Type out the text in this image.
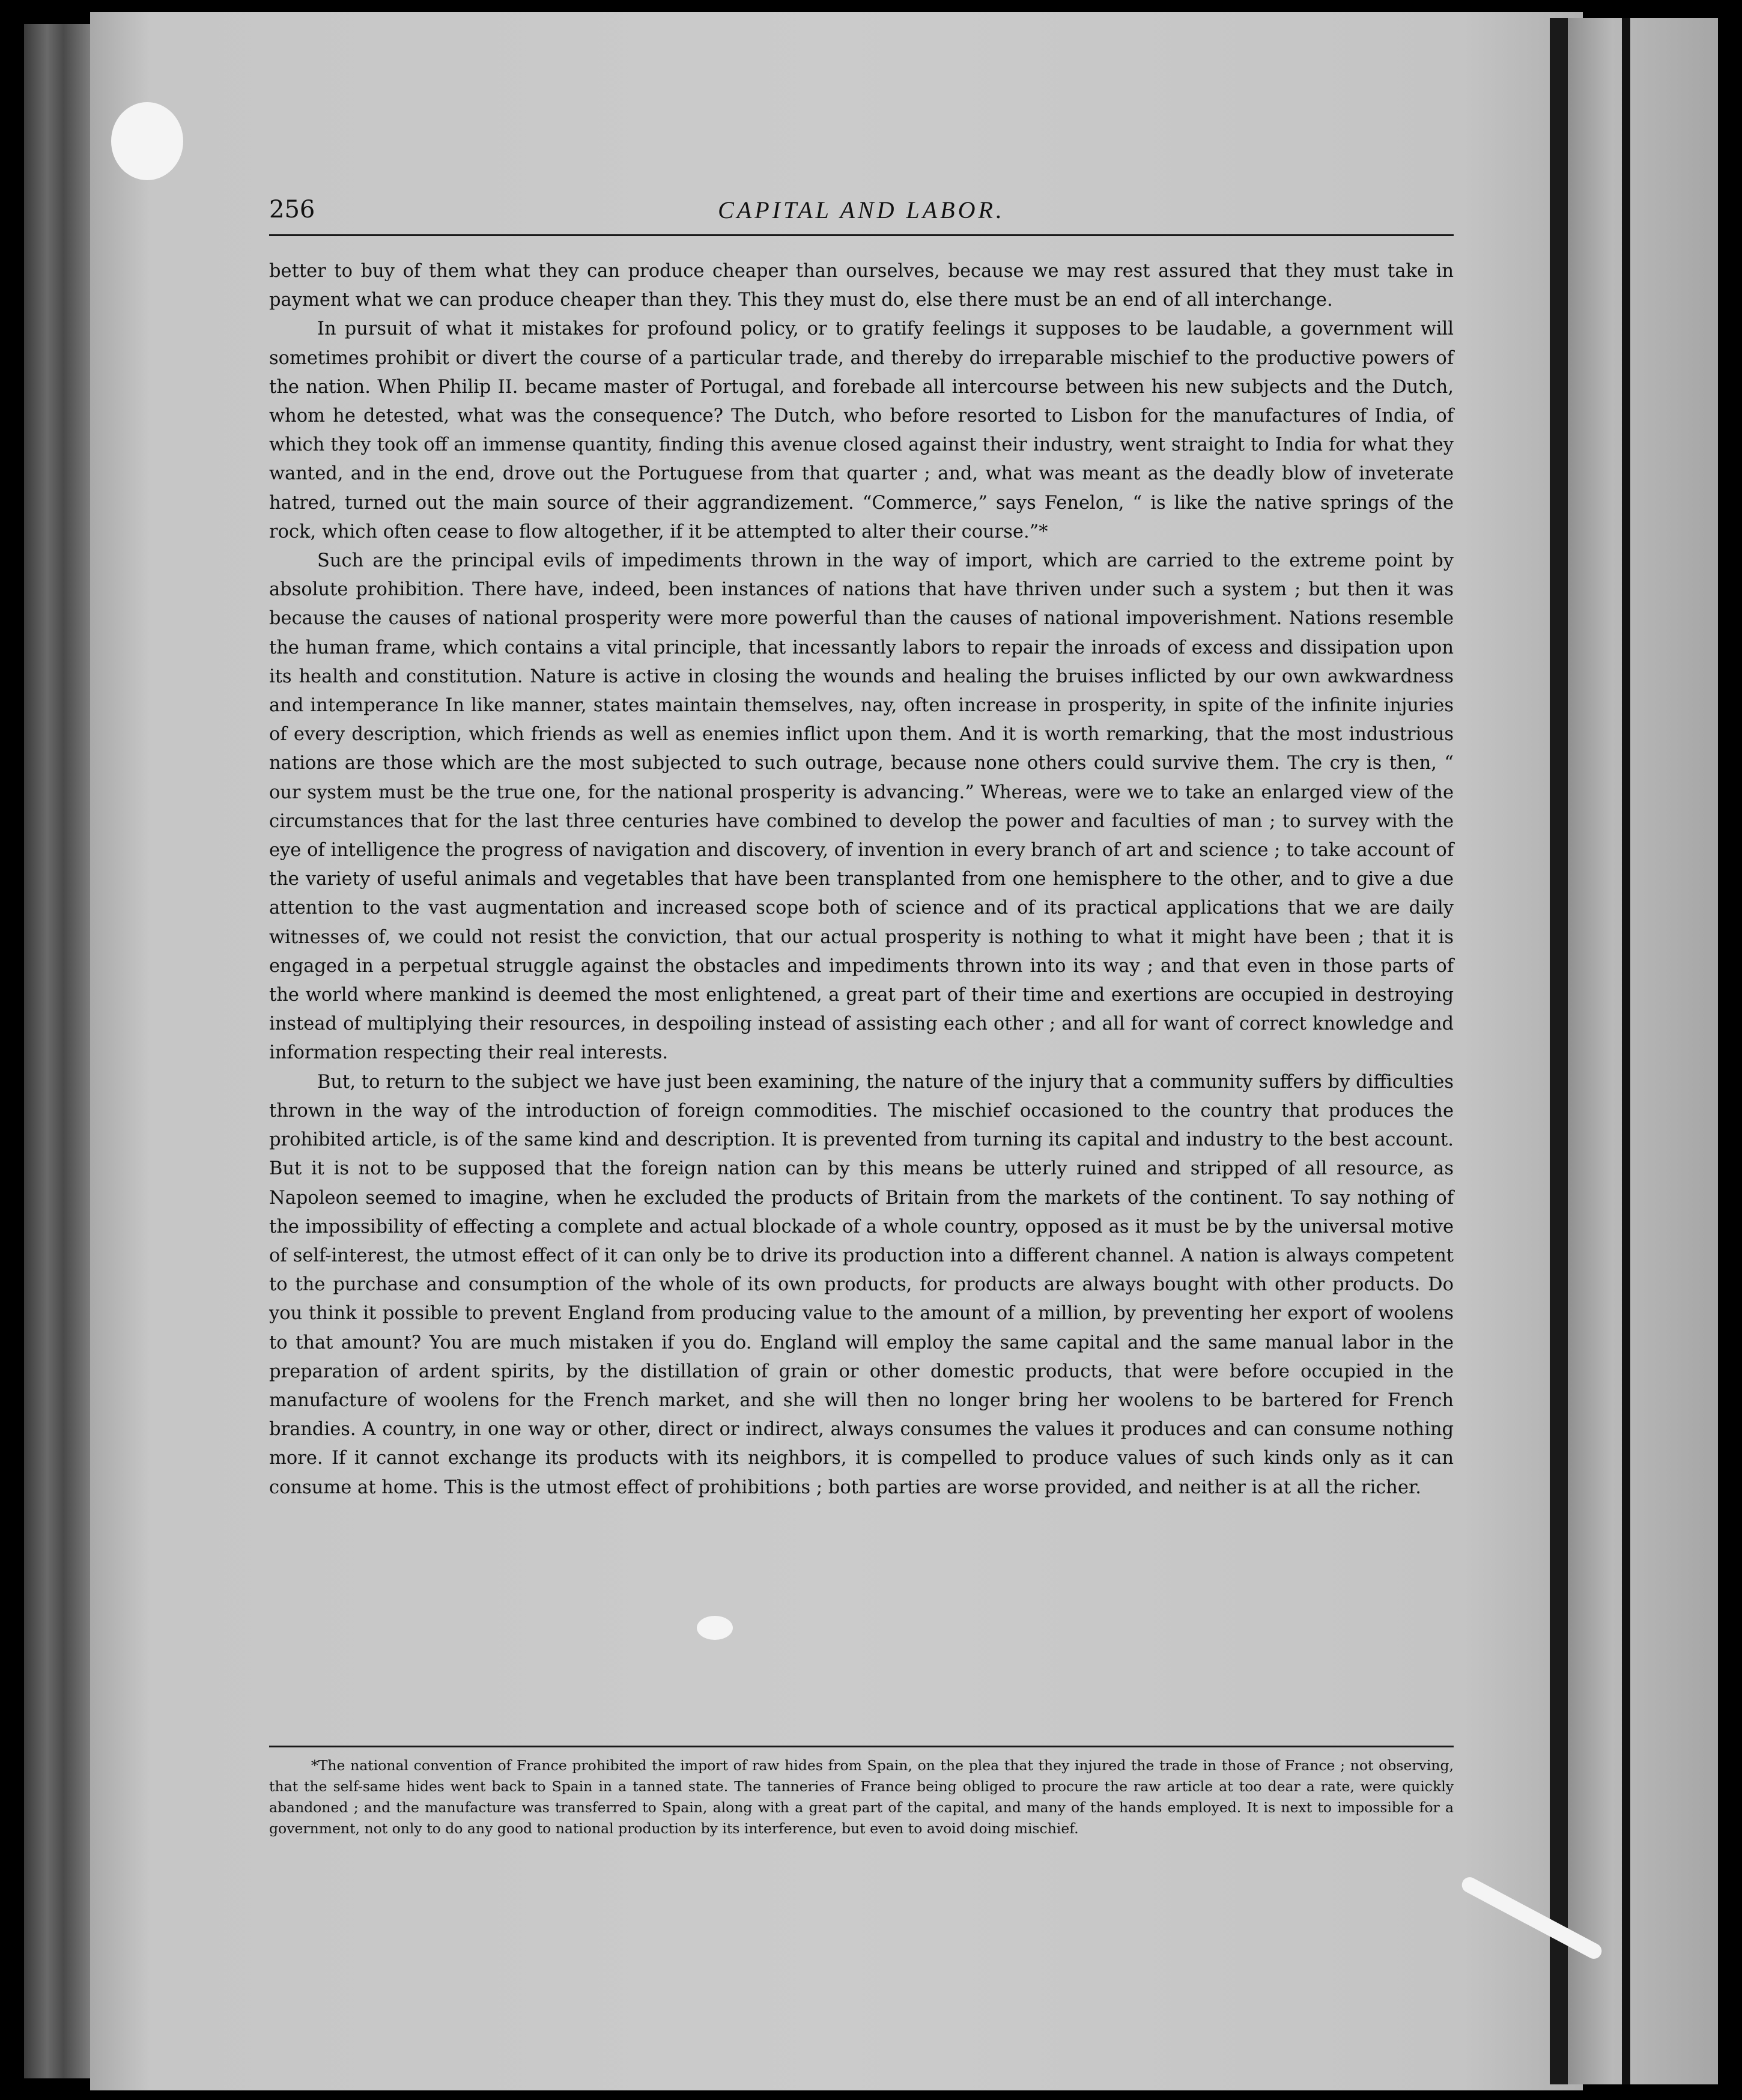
256	CAPITAL AND LABOR.

better to buy of them what they can produce cheaper than ourselves, because we may rest assured that they must take in payment what we can produce cheaper than they. This they must do, else there must be an end of all interchange.

In pursuit of what it mistakes for profound policy, or to gratify feelings it supposes to be laudable, a government will sometimes prohibit or divert the course of a particular trade, and thereby do irreparable mischief to the productive powers of the nation. When Philip II. became master of Portugal, and forebade all intercourse between his new subjects and the Dutch, whom he detested, what was the consequence? The Dutch, who before resorted to Lisbon for the manufactures of India, of which they took off an immense quantity, finding this avenue closed against their industry, went straight to India for what they wanted, and in the end, drove out the Portuguese from that quarter ; and, what was meant as the deadly blow of inveterate hatred, turned out the main source of their aggrandizement. “Commerce,” says Fenelon, “ is like the native springs of the rock, which often cease to flow altogether, if it be attempted to alter their course.”*

Such are the principal evils of impediments thrown in the way of import, which are carried to the extreme point by absolute prohibition. There have, indeed, been instances of nations that have thriven under such a system ; but then it was because the causes of national prosperity were more powerful than the causes of national impoverishment. Nations resemble the human frame, which contains a vital principle, that incessantly labors to repair the inroads of excess and dissipation upon its health and constitution. Nature is active in closing the wounds and healing the bruises inflicted by our own awkwardness and intemperance In like manner, states maintain themselves, nay, often increase in prosperity, in spite of the infinite injuries of every description, which friends as well as enemies inflict upon them. And it is worth remarking, that the most industrious nations are those which are the most subjected to such outrage, because none others could survive them. The cry is then, “ our system must be the true one, for the national prosperity is advancing.” Whereas, were we to take an enlarged view of the circumstances that for the last three centuries have combined to develop the power and faculties of man ; to survey with the eye of intelligence the progress of navigation and discovery, of invention in every branch of art and science ; to take account of the variety of useful animals and vegetables that have been transplanted from one hemisphere to the other, and to give a due attention to the vast augmentation and increased scope both of science and of its practical applications that we are daily witnesses of, we could not resist the conviction, that our actual prosperity is nothing to what it might have been ; that it is engaged in a perpetual struggle against the obstacles and impediments thrown into its way ; and that even in those parts of the world where mankind is deemed the most enlightened, a great part of their time and exertions are occupied in destroying instead of multiplying their resources, in despoiling instead of assisting each other ; and all for want of correct knowledge and information respecting their real interests.

But, to return to the subject we have just been examining, the nature of the injury that a community suffers by difficulties thrown in the way of the introduction of foreign commodities. The mischief occasioned to the country that produces the prohibited article, is of the same kind and description. It is prevented from turning its capital and industry to the best account. But it is not to be supposed that the foreign nation can by this means be utterly ruined and stripped of all resource, as Napoleon seemed to imagine, when he excluded the products of Britain from the markets of the continent. To say nothing of the impossibility of effecting a complete and actual blockade of a whole country, opposed as it must be by the universal motive of self-interest, the utmost effect of it can only be to drive its production into a different channel. A nation is always competent to the purchase and consumption of the whole of its own products, for products are always bought with other products. Do you think it possible to prevent England from producing value to the amount of a million, by preventing her export of woolens to that amount? You are much mistaken if you do. England will employ the same capital and the same manual labor in the preparation of ardent spirits, by the distillation of grain or other domestic products, that were before occupied in the manufacture of woolens for the French market, and she will then no longer bring her woolens to be bartered for French brandies. A country, in one way or other, direct or indirect, always consumes the values it produces and can consume nothing more. If it cannot exchange its products with its neighbors, it is compelled to produce values of such kinds only as it can consume at home. This is the utmost effect of prohibitions ; both parties are worse provided, and neither is at all the richer.

*The national convention of France prohibited the import of raw hides from Spain, on the plea that they injured the trade in those of France ; not observing, that the self-same hides went back to Spain in a tanned state. The tanneries of France being obliged to procure the raw article at too dear a rate, were quickly abandoned ; and the manufacture was transferred to Spain, along with a great part of the capital, and many of the hands employed. It is next to impossible for a government, not only to do any good to national production by its interference, but even to avoid doing mischief.
